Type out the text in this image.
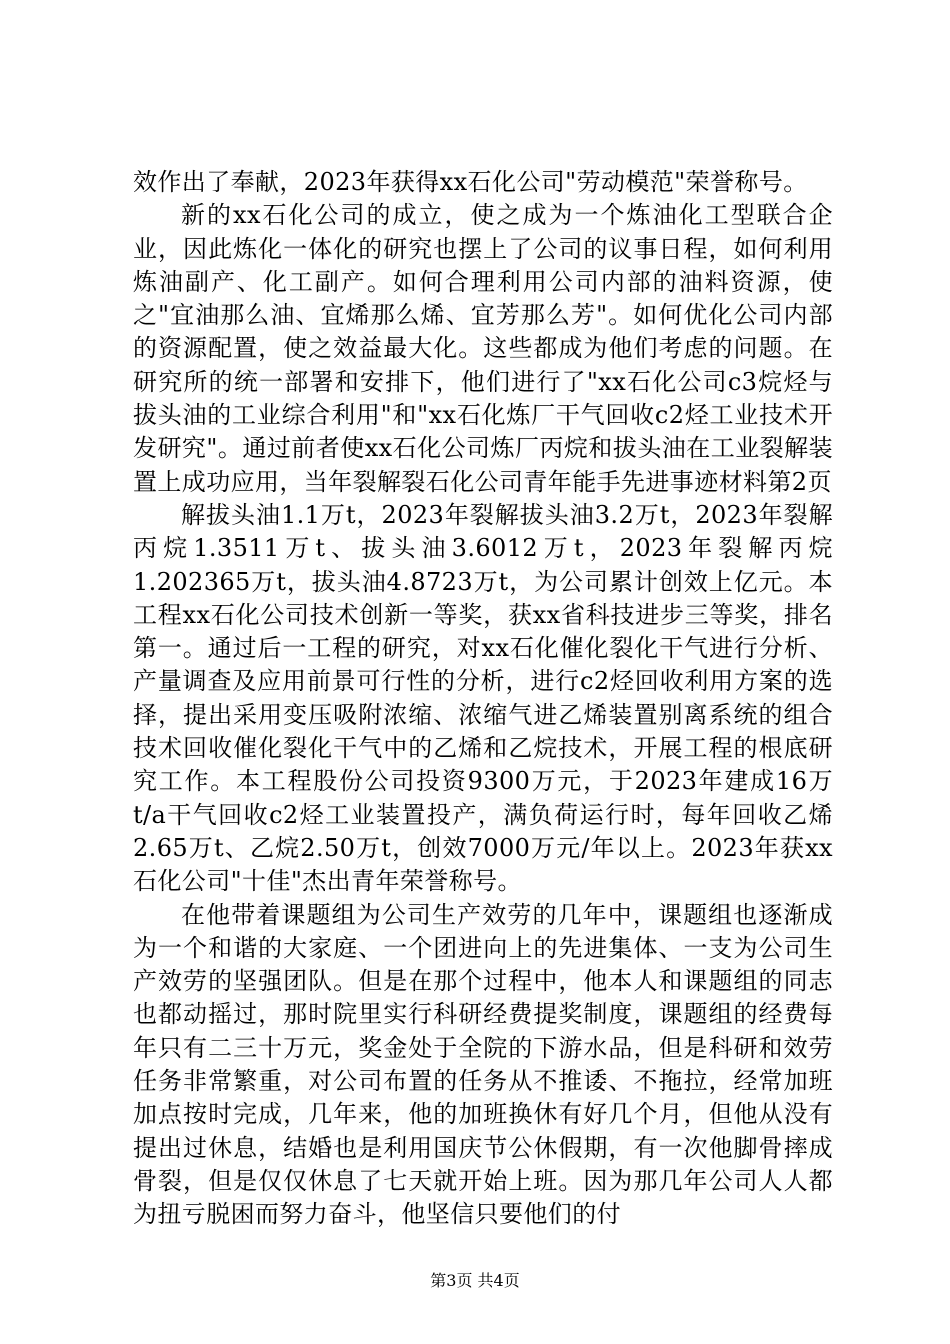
效作出了奉献，2023年获得xx石化公司"劳动模范"荣誉称号。

新的xx石化公司的成立，使之成为一个炼油化工型联合企业，因此炼化一体化的研究也摆上了公司的议事日程，如何利用炼油副产、化工副产。如何合理利用公司内部的油料资源，使之"宜油那么油、宜烯那么烯、宜芳那么芳"。如何优化公司内部的资源配置，使之效益最大化。这些都成为他们考虑的问题。在研究所的统一部署和安排下，他们进行了"xx石化公司c3烷烃与拔头油的工业综合利用"和"xx石化炼厂干气回收c2烃工业技术开发研究"。通过前者使xx石化公司炼厂丙烷和拔头油在工业裂解装置上成功应用，当年裂解裂石化公司青年能手先进事迹材料第2页

解拔头油1.1万t，2023年裂解拔头油3.2万t，2023年裂解丙烷1.3511万t、拔头油3.6012万t，2023年裂解丙烷1.202365万t，拔头油4.8723万t，为公司累计创效上亿元。本工程xx石化公司技术创新一等奖，获xx省科技进步三等奖，排名第一。通过后一工程的研究，对xx石化催化裂化干气进行分析、产量调查及应用前景可行性的分析，进行c2烃回收利用方案的选择，提出采用变压吸附浓缩、浓缩气进乙烯装置别离系统的组合技术回收催化裂化干气中的乙烯和乙烷技术，开展工程的根底研究工作。本工程股份公司投资9300万元，于2023年建成16万t/a干气回收c2烃工业装置投产，满负荷运行时，每年回收乙烯2.65万t、乙烷2.50万t，创效7000万元/年以上。2023年获xx石化公司"十佳"杰出青年荣誉称号。

在他带着课题组为公司生产效劳的几年中，课题组也逐渐成为一个和谐的大家庭、一个团进向上的先进集体、一支为公司生产效劳的坚强团队。但是在那个过程中，他本人和课题组的同志也都动摇过，那时院里实行科研经费提奖制度，课题组的经费每年只有二三十万元，奖金处于全院的下游水品，但是科研和效劳任务非常繁重，对公司布置的任务从不推诿、不拖拉，经常加班加点按时完成，几年来，他的加班换休有好几个月，但他从没有提出过休息，结婚也是利用国庆节公休假期，有一次他脚骨摔成骨裂，但是仅仅休息了七天就开始上班。因为那几年公司人人都为扭亏脱困而努力奋斗，他坚信只要他们的付

第3页 共4页
